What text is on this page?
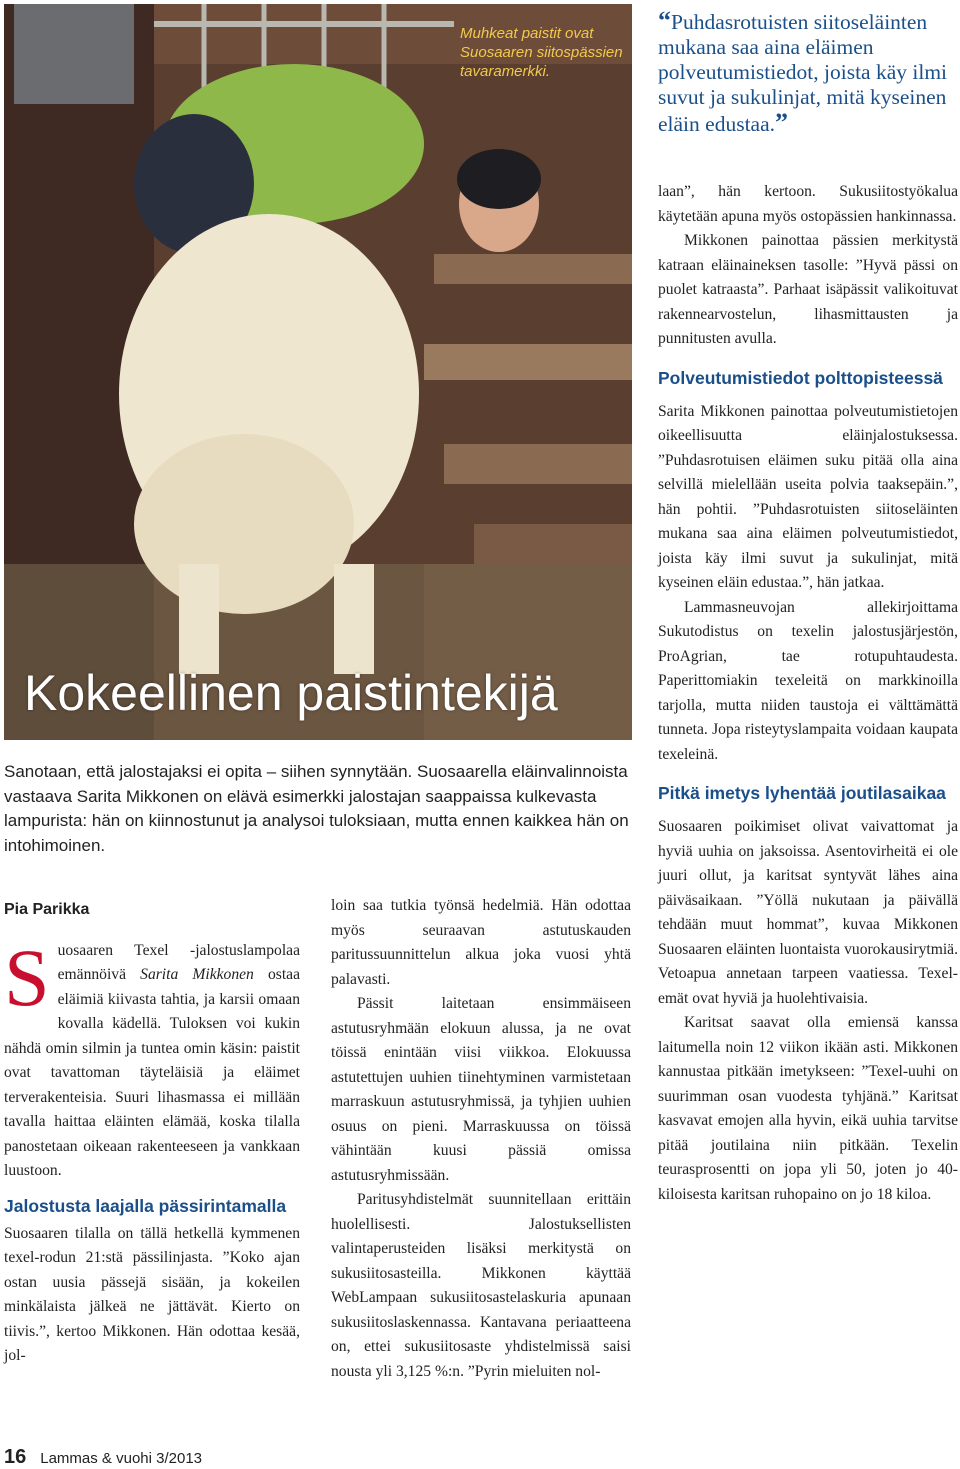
Muhkeat paistit ovat Suosaaren siitospässien tavaramerkki.
Kokeellinen paistintekijä
“Puhdasrotuisten siitoseläinten mukana saa aina eläimen polveutumistiedot, joista käy ilmi suvut ja sukulinjat, mitä kyseinen eläin edustaa.”
Sanotaan, että jalostajaksi ei opita – siihen synnytään. Suosaarella eläinvalinnoista vastaava Sarita Mikkonen on elävä esimerkki jalostajan saappaissa kulkevasta lampurista: hän on kiinnostunut ja analysoi tuloksiaan, mutta ennen kaikkea hän on intohimoinen.

Pia Parikka

Suosaaren Texel -jalostuslampolaa emännöivä Sarita Mikkonen ostaa eläimiä kiivasta tahtia, ja karsii omaan kovalla kädellä. Tuloksen voi kukin nähdä omin silmin ja tuntea omin käsin: paistit ovat tavattoman täyteläisiä ja eläimet terverakenteisia. Suuri lihasmassa ei millään tavalla haittaa eläinten elämää, koska tilalla panostetaan oikeaan rakenteeseen ja vankkaan luustoon.

Jalostusta laajalla pässirintamalla

Suosaaren tilalla on tällä hetkellä kymmenen texel-rodun 21:stä pässilinjasta. ”Koko ajan ostan uusia pässejä sisään, ja kokeilen minkälaista jälkeä ne jättävät. Kierto on tiivis.”, kertoo Mikkonen. Hän odottaa kesää, jol-

loin saa tutkia työnsä hedelmiä. Hän odottaa myös seuraavan astutuskauden paritussuunnittelun alkua joka vuosi yhtä palavasti.

Pässit laitetaan ensimmäiseen astutusryhmään elokuun alussa, ja ne ovat töissä enintään viisi viikkoa. Elokuussa astutettujen uuhien tiinehtyminen varmistetaan marraskuun astutusryhmissä, ja tyhjien uuhien osuus on pieni. Marraskuussa on töissä vähintään kuusi pässiä omissa astutusryhmissään.

Paritusyhdistelmät suunnitellaan erittäin huolellisesti. Jalostuksellisten valintaperusteiden lisäksi merkitystä on sukusiitosasteilla. Mikkonen käyttää WebLampaan sukusiitosastelaskuria apunaan sukusiitoslaskennassa. Kantavana periaatteena on, ettei sukusiitosaste yhdistelmissä saisi nousta yli 3,125 %:n. ”Pyrin mieluiten nol-

laan”, hän kertoon. Sukusiitostyökalua käytetään apuna myös ostopässien hankinnassa.

Mikkonen painottaa pässien merkitystä katraan eläinaineksen tasolle: ”Hyvä pässi on puolet katraasta”. Parhaat isäpässit valikoituvat rakennearvostelun, lihasmittausten ja punnitusten avulla.

Polveutumistiedot polttopisteessä

Sarita Mikkonen painottaa polveutumistietojen oikeellisuutta eläinjalostuksessa. ”Puhdasrotuisen eläimen suku pitää olla aina selvillä mielellään useita polvia taaksepäin.”, hän pohtii. ”Puhdasrotuisten siitoseläinten mukana saa aina eläimen polveutumistiedot, joista käy ilmi suvut ja sukulinjat, mitä kyseinen eläin edustaa.”, hän jatkaa.

Lammasneuvojan allekirjoittama Sukutodistus on texelin jalostusjärjestön, ProAgrian, tae rotupuhtaudesta. Paperittomiakin texeleitä on markkinoilla tarjolla, mutta niiden taustoja ei välttämättä tunneta. Jopa risteytyslampaita voidaan kaupata texeleinä.

Pitkä imetys lyhentää joutilasaikaa

Suosaaren poikimiset olivat vaivattomat ja hyviä uuhia on jaksoissa. Asentovirheitä ei ole juuri ollut, ja karitsat syntyvät lähes aina päiväsaikaan. ”Yöllä nukutaan ja päivällä tehdään muut hommat”, kuvaa Mikkonen Suosaaren eläinten luontaista vuorokausirytmiä. Vetoapua annetaan tarpeen vaatiessa. Texel-emät ovat hyviä ja huolehtivaisia.

Karitsat saavat olla emiensä kanssa laitumella noin 12 viikon ikään asti. Mikkonen kannustaa pitkään imetykseen: ”Texel-uuhi on suurimman osan vuodesta tyhjänä.” Karitsat kasvavat emojen alla hyvin, eikä uuhia tarvitse pitää joutilaina niin pitkään. Texelin teurasprosentti on jopa yli 50, joten jo 40-kiloisesta karitsan ruhopaino on jo 18 kiloa.

16 Lammas & vuohi 3/2013
